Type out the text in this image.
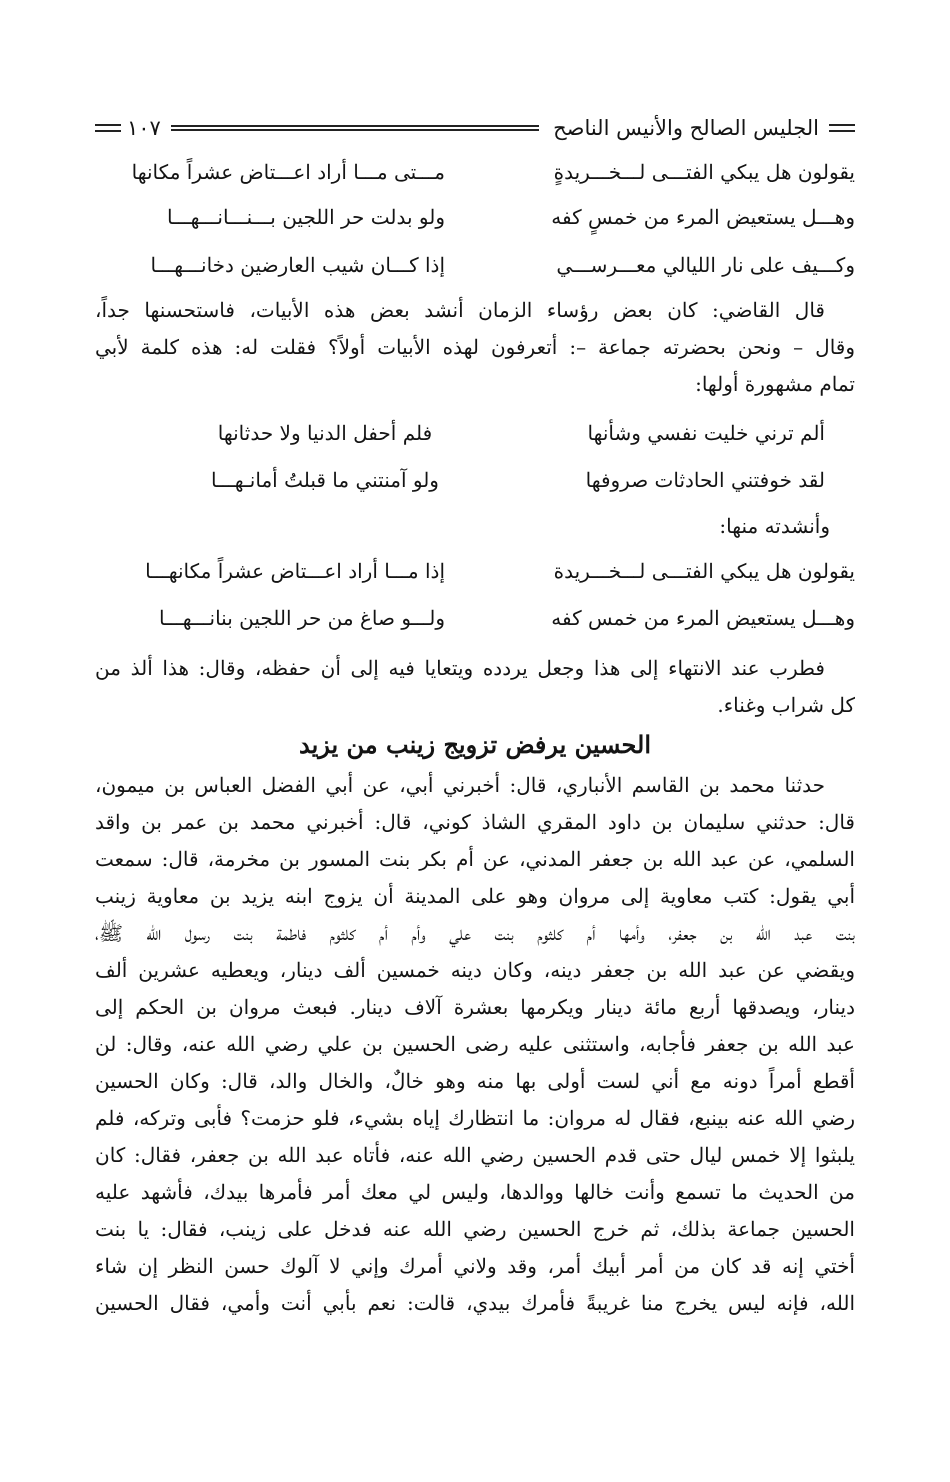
الجليس الصالح والأنيس الناصح
١٠٧
يقولون هل يبكي الفتـــى لـــخـــريدةٍ
مـــتى مـــا أراد اعـــتاض عشراً مكانها
وهـــل يستعيض المرء من خمسٍ كفه
ولو بدلت حر اللجين بـــنـــانـــهـــا
وكـــيف على نار الليالي معـــرســـي
إذا كـــان شيب العارضين دخانـــهـــا
قال القاضي: كان بعض رؤساء الزمان أنشد بعض هذه الأبيات، فاستحسنها جداً،
وقال – ونحن بحضرته جماعة –: أتعرفون لهذه الأبيات أولاً؟ فقلت له: هذه كلمة لأبي
تمام مشهورة أولها:
ألم ترني خليت نفسي وشأنها
فلم أحفل الدنيا ولا حدثانها
لقد خوفتني الحادثات صروفها
ولو آمنتني ما قبلتُ أمانـهـــا
وأنشدته منها:
يقولون هل يبكي الفتـــى لـــخـــريدة
إذا مـــا أراد اعـــتاض عشراً مكانهـــا
وهـــل يستعيض المرء من خمس كفه
ولـــو صاغ من حر اللجين بنانـــهـــا
فطرب عند الانتهاء إلى هذا وجعل يردده ويتعايا فيه إلى أن حفظه، وقال: هذا ألذ من
كل شراب وغناء.
الحسين يرفض تزويج زينب من يزيد
حدثنا محمد بن القاسم الأنباري، قال: أخبرني أبي، عن أبي الفضل العباس بن ميمون،
قال: حدثني سليمان بن داود المقري الشاذ كوني، قال: أخبرني محمد بن عمر بن واقد
السلمي، عن عبد الله بن جعفر المدني، عن أم بكر بنت المسور بن مخرمة، قال: سمعت
أبي يقول: كتب معاوية إلى مروان وهو على المدينة أن يزوج ابنه يزيد بن معاوية زينب
بنت عبد الله بن جعفر، وأمها أم كلثوم بنت علي وأم أم كلثوم فاطمة بنت رسول الله ﷺ،
ويقضي عن عبد الله بن جعفر دينه، وكان دينه خمسين ألف دينار، ويعطيه عشرين ألف
دينار، ويصدقها أربع مائة دينار ويكرمها بعشرة آلاف دينار. فبعث مروان بن الحكم إلى
عبد الله بن جعفر فأجابه، واستثنى عليه رضى الحسين بن علي رضي الله عنه، وقال: لن
أقطع أمراً دونه مع أني لست أولى بها منه وهو خالٌ، والخال والد، قال: وكان الحسين
رضي الله عنه بينبع، فقال له مروان: ما انتظارك إياه بشيء، فلو حزمت؟ فأبى وتركه، فلم
يلبثوا إلا خمس ليال حتى قدم الحسين رضي الله عنه، فأتاه عبد الله بن جعفر، فقال: كان
من الحديث ما تسمع وأنت خالها ووالدها، وليس لي معك أمر فأمرها بيدك، فأشهد عليه
الحسين جماعة بذلك، ثم خرج الحسين رضي الله عنه فدخل على زينب، فقال: يا بنت
أختي إنه قد كان من أمر أبيك أمر، وقد ولاني أمرك وإني لا آلوك حسن النظر إن شاء
الله، فإنه ليس يخرج منا غريبةً فأمرك بيدي، قالت: نعم بأبي أنت وأمي، فقال الحسين
